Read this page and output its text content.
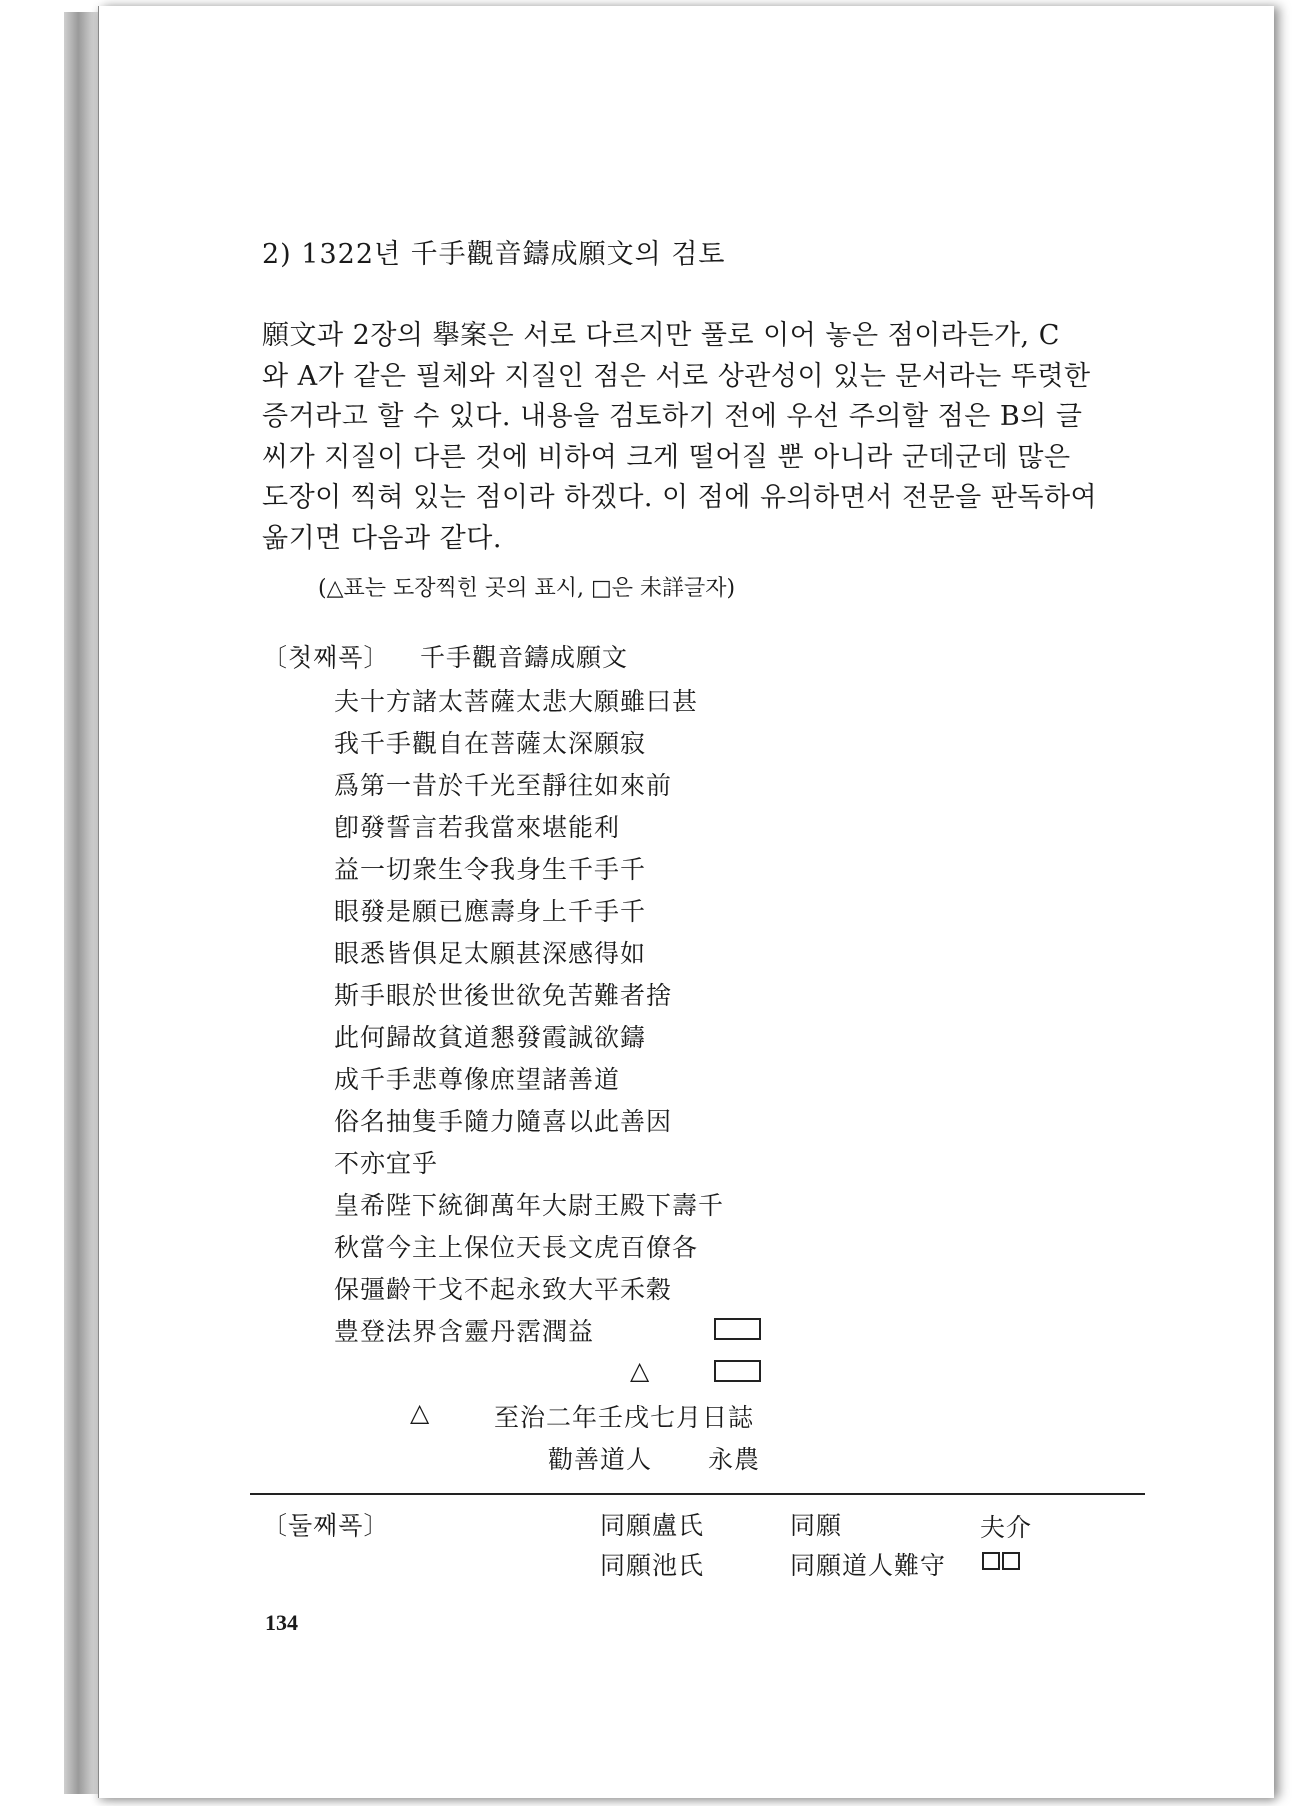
2) 1322년 千手觀音鑄成願文의 검토
願文과 2장의 擧案은 서로 다르지만 풀로 이어 놓은 점이라든가, C
와 A가 같은 필체와 지질인 점은 서로 상관성이 있는 문서라는 뚜렷한
증거라고 할 수 있다. 내용을 검토하기 전에 우선 주의할 점은 B의 글
씨가 지질이 다른 것에 비하여 크게 떨어질 뿐 아니라 군데군데 많은
도장이 찍혀 있는 점이라 하겠다. 이 점에 유의하면서 전문을 판독하여
옮기면 다음과 같다.
(△표는 도장찍힌 곳의 표시, □은 未詳글자)
〔첫째폭〕 千手觀音鑄成願文
夫十方諸太菩薩太悲大願雖曰甚
我千手觀自在菩薩太深願寂
爲第一昔於千光至靜往如來前
卽發誓言若我當來堪能利
益一切衆生令我身生千手千
眼發是願已應壽身上千手千
眼悉皆俱足太願甚深感得如
斯手眼於世後世欲免苦難者捨
此何歸故貧道懇發霞誠欲鑄
成千手悲尊像庶望諸善道
俗名抽隻手隨力隨喜以此善因
不亦宜乎
皇希陛下統御萬年大尉王殿下壽千
秋當今主上保位天長文虎百僚各
保彊齡干戈不起永致大平禾穀
豊登法界含靈丹霑潤益
△
△	至治二年壬戌七月日誌
勸善道人 永農
〔둘째폭〕	同願盧氏
同願池氏
同願
同願道人難守
夫介
134
